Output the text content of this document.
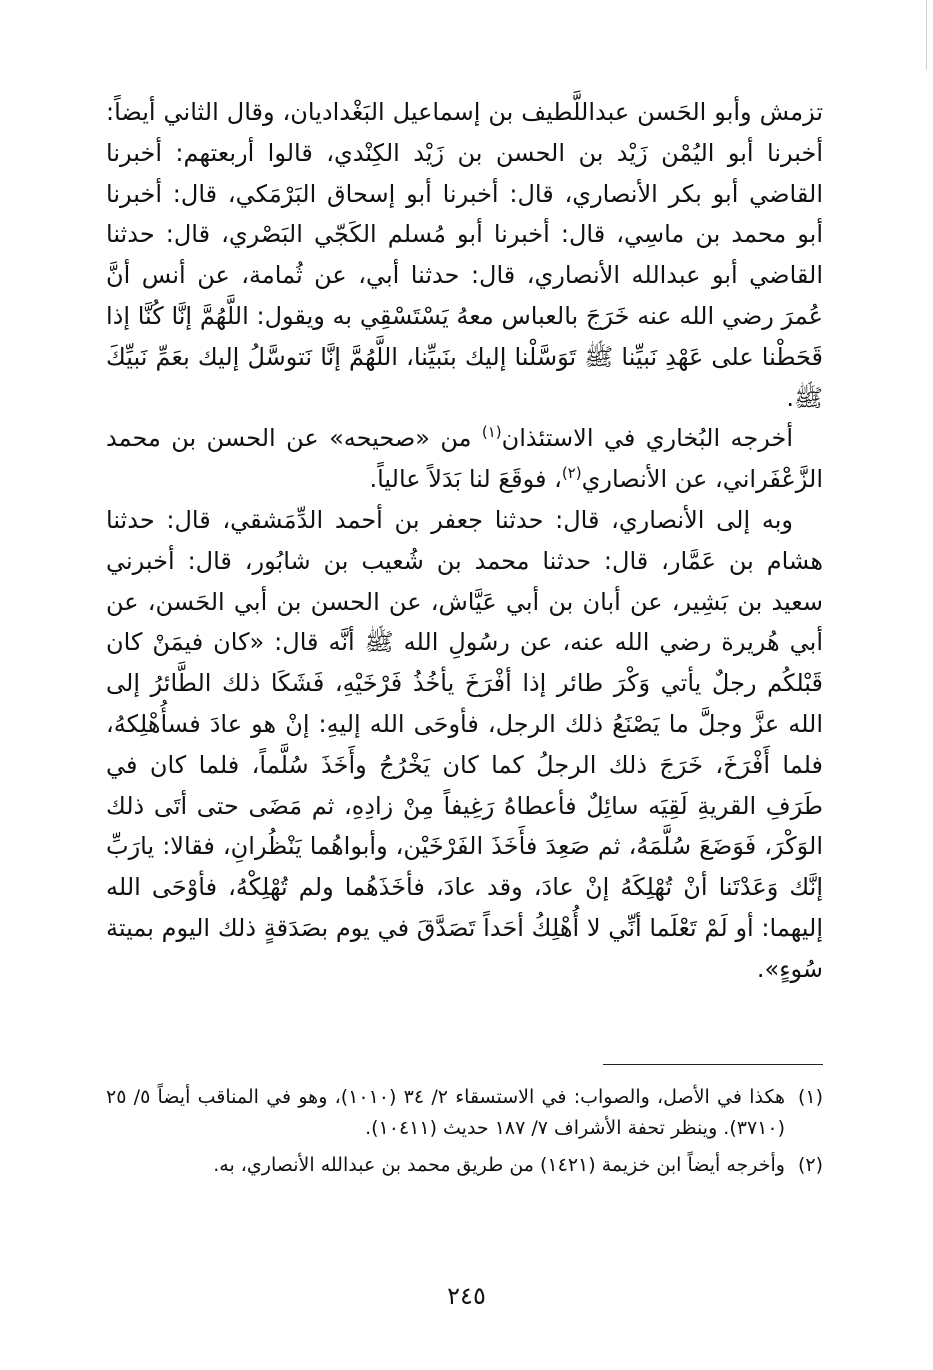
تزمش وأبو الحَسن عبداللَّطيف بن إسماعيل البَغْداديان، وقال الثاني أيضاً: أخبرنا أبو اليُمْن زَيْد بن الحسن بن زَيْد الكِنْدي، قالوا أربعتهم: أخبرنا القاضي أبو بكر الأنصاري، قال: أخبرنا أبو إسحاق البَرْمَكي، قال: أخبرنا أبو محمد بن ماسِي، قال: أخبرنا أبو مُسلم الكَجّي البَصْري، قال: حدثنا القاضي أبو عبدالله الأنصاري، قال: حدثنا أبي، عن ثُمامة، عن أنس أنَّ عُمرَ رضي الله عنه خَرَجَ بالعباس معهُ يَسْتَسْقِي به ويقول: اللَّهُمَّ إنَّا كُنَّا إذا قَحَطْنا على عَهْدِ نَبيِّنا ﷺ تَوَسَّلْنا إليك بنَبيِّنا، اللَّهُمَّ إنَّا نَتوسَّلُ إليك بعَمِّ نَبيِّكَ ﷺ.

أخرجه البُخاري في الاستئذان$^{(١)}$ من «صحيحه» عن الحسن بن محمد الزَّعْفَراني، عن الأنصاري$^{(٢)}$، فوقَعَ لنا بَدَلاً عالياً.

وبه إلى الأنصاري، قال: حدثنا جعفر بن أحمد الدِّمَشقي، قال: حدثنا هشام بن عَمَّار، قال: حدثنا محمد بن شُعيب بن شابُور، قال: أخبرني سعيد بن بَشِير، عن أبان بن أبي عَيَّاش، عن الحسن بن أبي الحَسن، عن أبي هُريرة رضي الله عنه، عن رسُولِ الله ﷺ أنَّه قال: «كان فيمَنْ كان قَبْلكُم رجلٌ يأتي وَكْرَ طائر إذا أفْرَخَ يأخُذُ فَرْخَيْهِ، فَشَكَا ذلك الطَّائرُ إلى الله عزَّ وجلَّ ما يَصْنَعُ ذلك الرجل، فأوحَى الله إليهِ: إنْ هو عادَ فسأُهْلِكهُ، فلما أَفْرَخَ، خَرَجَ ذلك الرجلُ كما كان يَخْرُجُ وأَخَذَ سُلَّماً، فلما كان في طَرَفِ القريةِ لَقِيَه سائِلٌ فأعطاهُ رَغِيفاً مِنْ زادِهِ، ثم مَضَى حتى أتَى ذلك الوَكْرَ، فَوَضَعَ سُلَّمَهُ، ثم صَعِدَ فأَخَذَ الفَرْخَيْن، وأبواهُما يَنْظُرانِ، فقالا: يارَبِّ إنَّك وَعَدْتَنا أنْ تُهْلِكَهُ إنْ عادَ، وقد عادَ، فأخَذَهُما ولم تُهْلِكْهُ، فأوْحَى الله إليهما: أو لَمْ تَعْلَما أنِّي لا أُهْلِكُ أحَداً تَصَدَّقَ في يوم بصَدَقةٍ ذلك اليوم بميتة سُوءٍ».

(١)
هكذا في الأصل، والصواب: في الاستسقاء ٢/ ٣٤ (١٠١٠)، وهو في المناقب أيضاً ٥/ ٢٥ (٣٧١٠). وينظر تحفة الأشراف ٧/ ١٨٧ حديث (١٠٤١١).
(٢)
وأخرجه أيضاً ابن خزيمة (١٤٢١) من طريق محمد بن عبدالله الأنصاري، به.
٢٤٥
